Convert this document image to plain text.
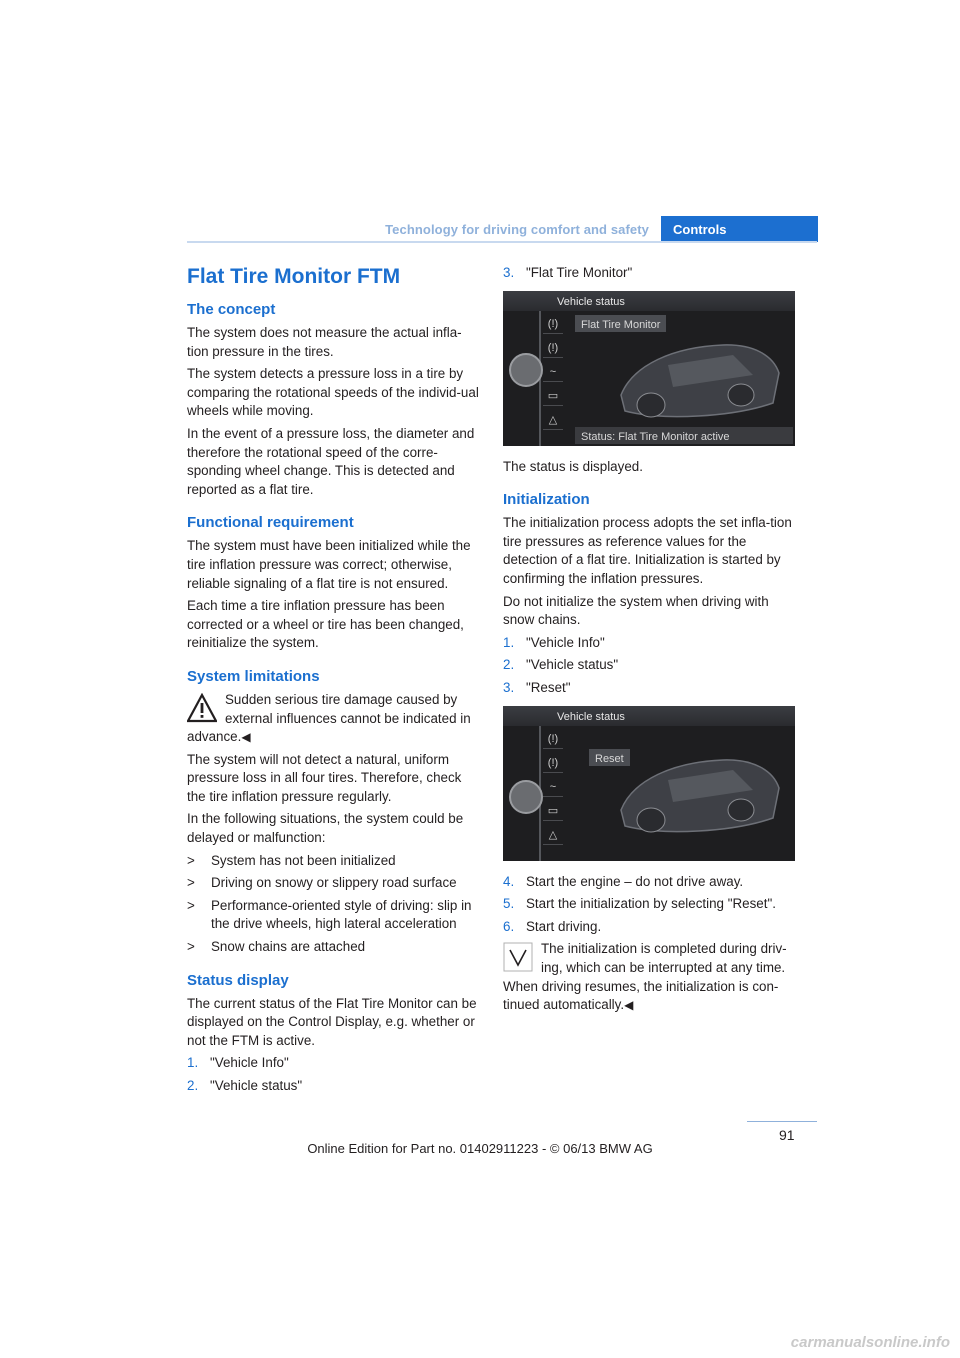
Technology for driving comfort and safety	Controls
Flat Tire Monitor FTM
The concept

The system does not measure the actual infla-tion pressure in the tires.

The system detects a pressure loss in a tire by comparing the rotational speeds of the individ-ual wheels while moving.

In the event of a pressure loss, the diameter and therefore the rotational speed of the corre-sponding wheel change. This is detected and reported as a flat tire.

Functional requirement

The system must have been initialized while the tire inflation pressure was correct; otherwise, reliable signaling of a flat tire is not ensured.

Each time a tire inflation pressure has been corrected or a wheel or tire has been changed, reinitialize the system.

System limitations
Sudden serious tire damage caused by external influences cannot be indicated in advance.◀

The system will not detect a natural, uniform pressure loss in all four tires. Therefore, check the tire inflation pressure regularly.

In the following situations, the system could be delayed or malfunction:

> System has not been initialized
> Driving on snowy or slippery road surface
> Performance-oriented style of driving: slip in the drive wheels, high lateral acceleration
> Snow chains are attached
Status display

The current status of the Flat Tire Monitor can be displayed on the Control Display, e.g. whether or not the FTM is active.

1. "Vehicle Info"
2. "Vehicle status"
3. "Flat Tire Monitor"
Vehicle status
(!)
(!)
~
▭
△
Flat Tire Monitor
Status: Flat Tire Monitor active

The status is displayed.

Initialization

The initialization process adopts the set infla-tion tire pressures as reference values for the detection of a flat tire. Initialization is started by confirming the inflation pressures.

Do not initialize the system when driving with snow chains.

1. "Vehicle Info"
2. "Vehicle status"
3. "Reset"
Vehicle status
(!)
(!)
~
▭
△
Reset
4. Start the engine – do not drive away.
5. Start the initialization by selecting "Reset".
6. Start driving.
The initialization is completed during driv-ing, which can be interrupted at any time. When driving resumes, the initialization is con-tinued automatically.◀
91
Online Edition for Part no. 01402911223 - © 06/13 BMW AG
carmanualsonline.info
